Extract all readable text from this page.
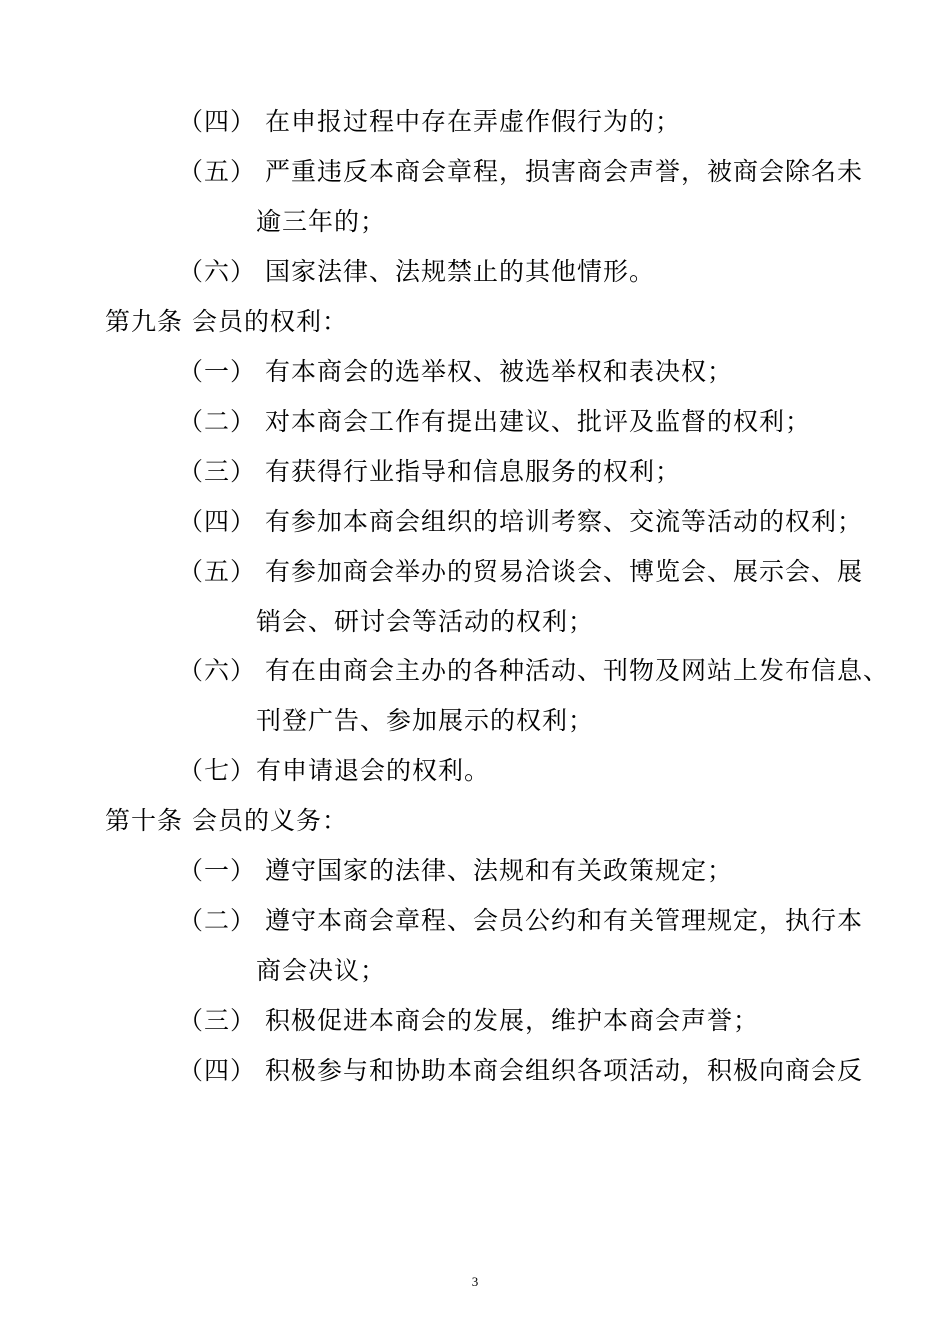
（四） 在申报过程中存在弄虚作假行为的；
（五） 严重违反本商会章程，损害商会声誉，被商会除名未
逾三年的；
（六） 国家法律、法规禁止的其他情形。
第九条 会员的权利：
（一） 有本商会的选举权、被选举权和表决权；
（二） 对本商会工作有提出建议、批评及监督的权利；
（三） 有获得行业指导和信息服务的权利；
（四） 有参加本商会组织的培训考察、交流等活动的权利；
（五） 有参加商会举办的贸易洽谈会、博览会、展示会、展
销会、研讨会等活动的权利；
（六） 有在由商会主办的各种活动、刊物及网站上发布信息、
刊登广告、参加展示的权利；
（七）有申请退会的权利。
第十条 会员的义务：
（一） 遵守国家的法律、法规和有关政策规定；
（二） 遵守本商会章程、会员公约和有关管理规定，执行本
商会决议；
（三） 积极促进本商会的发展，维护本商会声誉；
（四） 积极参与和协助本商会组织各项活动，积极向商会反
3
